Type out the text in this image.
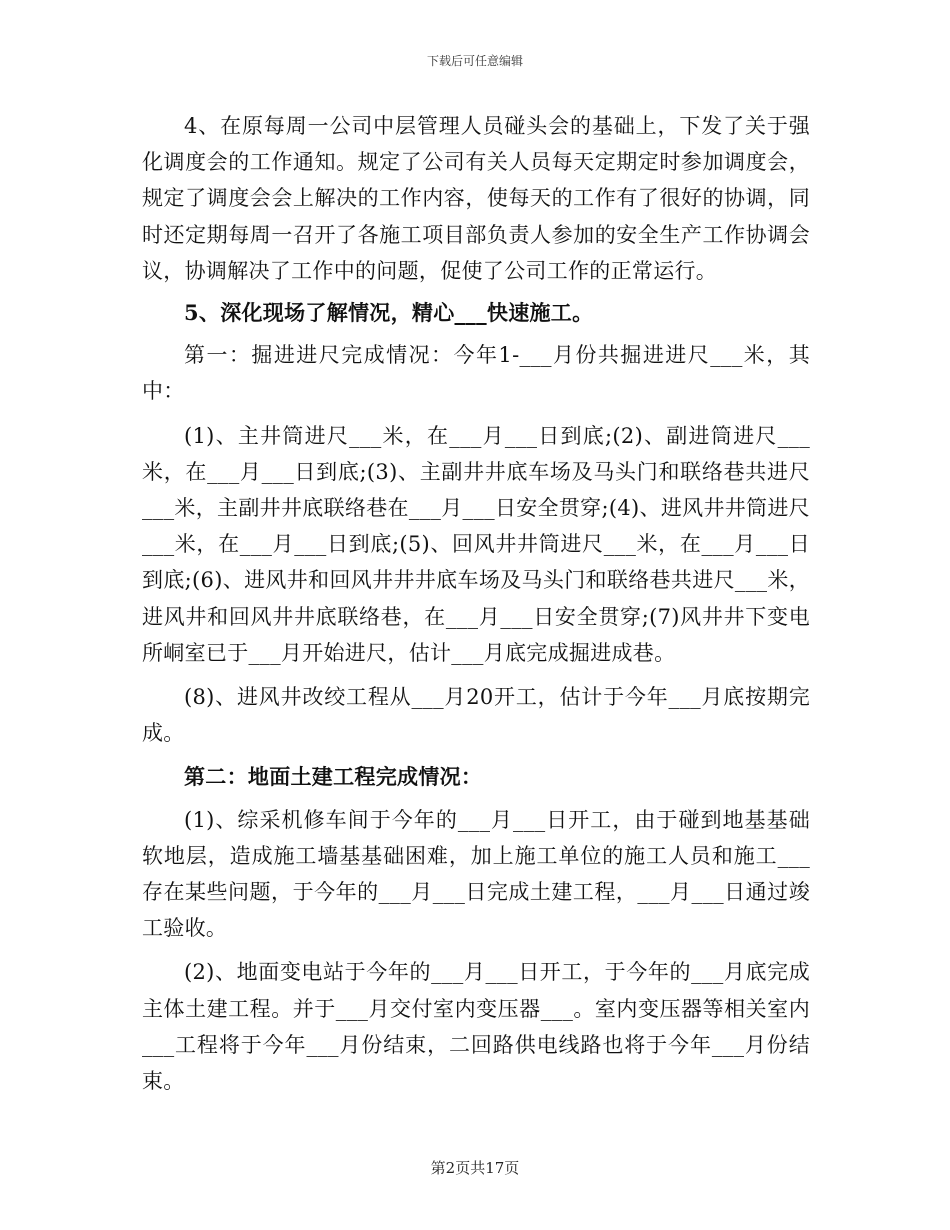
下载后可任意编辑

4、在原每周一公司中层管理人员碰头会的基础上，下发了关于强化调度会的工作通知。规定了公司有关人员每天定期定时参加调度会，规定了调度会会上解决的工作内容，使每天的工作有了很好的协调，同时还定期每周一召开了各施工项目部负责人参加的安全生产工作协调会议，协调解决了工作中的问题，促使了公司工作的正常运行。

5、深化现场了解情况，精心___快速施工。

第一：掘进进尺完成情况：今年1-___月份共掘进进尺___米，其中：

(1)、主井筒进尺___米，在___月___日到底;(2)、副进筒进尺___米，在___月___日到底;(3)、主副井井底车场及马头门和联络巷共进尺___米，主副井井底联络巷在___月___日安全贯穿;(4)、进风井井筒进尺___米，在___月___日到底;(5)、回风井井筒进尺___米，在___月___日到底;(6)、进风井和回风井井井底车场及马头门和联络巷共进尺___米，进风井和回风井井底联络巷，在___月___日安全贯穿;(7)风井井下变电所峒室已于___月开始进尺，估计___月底完成掘进成巷。

(8)、进风井改绞工程从___月20开工，估计于今年___月底按期完成。

第二：地面土建工程完成情况：

(1)、综采机修车间于今年的___月___日开工，由于碰到地基基础软地层，造成施工墙基基础困难，加上施工单位的施工人员和施工___存在某些问题，于今年的___月___日完成土建工程，___月___日通过竣工验收。

(2)、地面变电站于今年的___月___日开工，于今年的___月底完成主体土建工程。并于___月交付室内变压器___。室内变压器等相关室内___工程将于今年___月份结束，二回路供电线路也将于今年___月份结束。

第2页共17页
